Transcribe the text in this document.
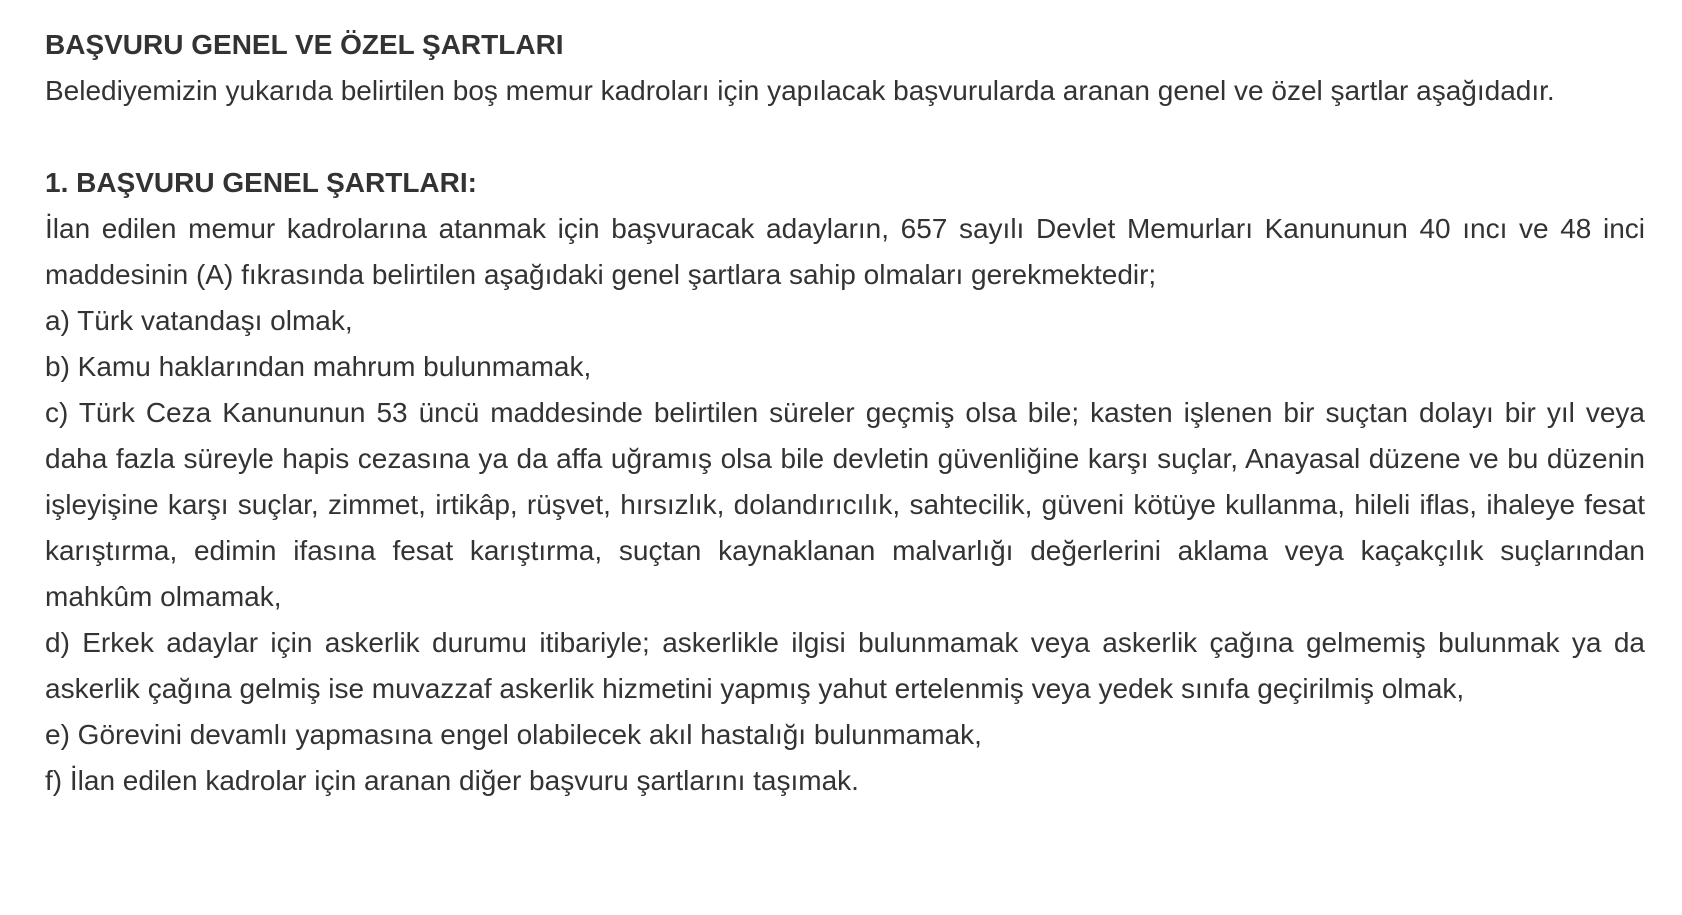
BAŞVURU GENEL VE ÖZEL ŞARTLARI

Belediyemizin yukarıda belirtilen boş memur kadroları için yapılacak başvurularda aranan genel ve özel şartlar aşağıdadır.

1. BAŞVURU GENEL ŞARTLARI:

İlan edilen memur kadrolarına atanmak için başvuracak adayların, 657 sayılı Devlet Memurları Kanununun 40 ıncı ve 48 inci maddesinin (A) fıkrasında belirtilen aşağıdaki genel şartlara sahip olmaları gerekmektedir;

a) Türk vatandaşı olmak,

b) Kamu haklarından mahrum bulunmamak,

c) Türk Ceza Kanununun 53 üncü maddesinde belirtilen süreler geçmiş olsa bile; kasten işlenen bir suçtan dolayı bir yıl veya daha fazla süreyle hapis cezasına ya da affa uğramış olsa bile devletin güvenliğine karşı suçlar, Anayasal düzene ve bu düzenin işleyişine karşı suçlar, zimmet, irtikâp, rüşvet, hırsızlık, dolandırıcılık, sahtecilik, güveni kötüye kullanma, hileli iflas, ihaleye fesat karıştırma, edimin ifasına fesat karıştırma, suçtan kaynaklanan malvarlığı değerlerini aklama veya kaçakçılık suçlarından mahkûm olmamak,

d) Erkek adaylar için askerlik durumu itibariyle; askerlikle ilgisi bulunmamak veya askerlik çağına gelmemiş bulunmak ya da askerlik çağına gelmiş ise muvazzaf askerlik hizmetini yapmış yahut ertelenmiş veya yedek sınıfa geçirilmiş olmak,

e) Görevini devamlı yapmasına engel olabilecek akıl hastalığı bulunmamak,

f) İlan edilen kadrolar için aranan diğer başvuru şartlarını taşımak.
